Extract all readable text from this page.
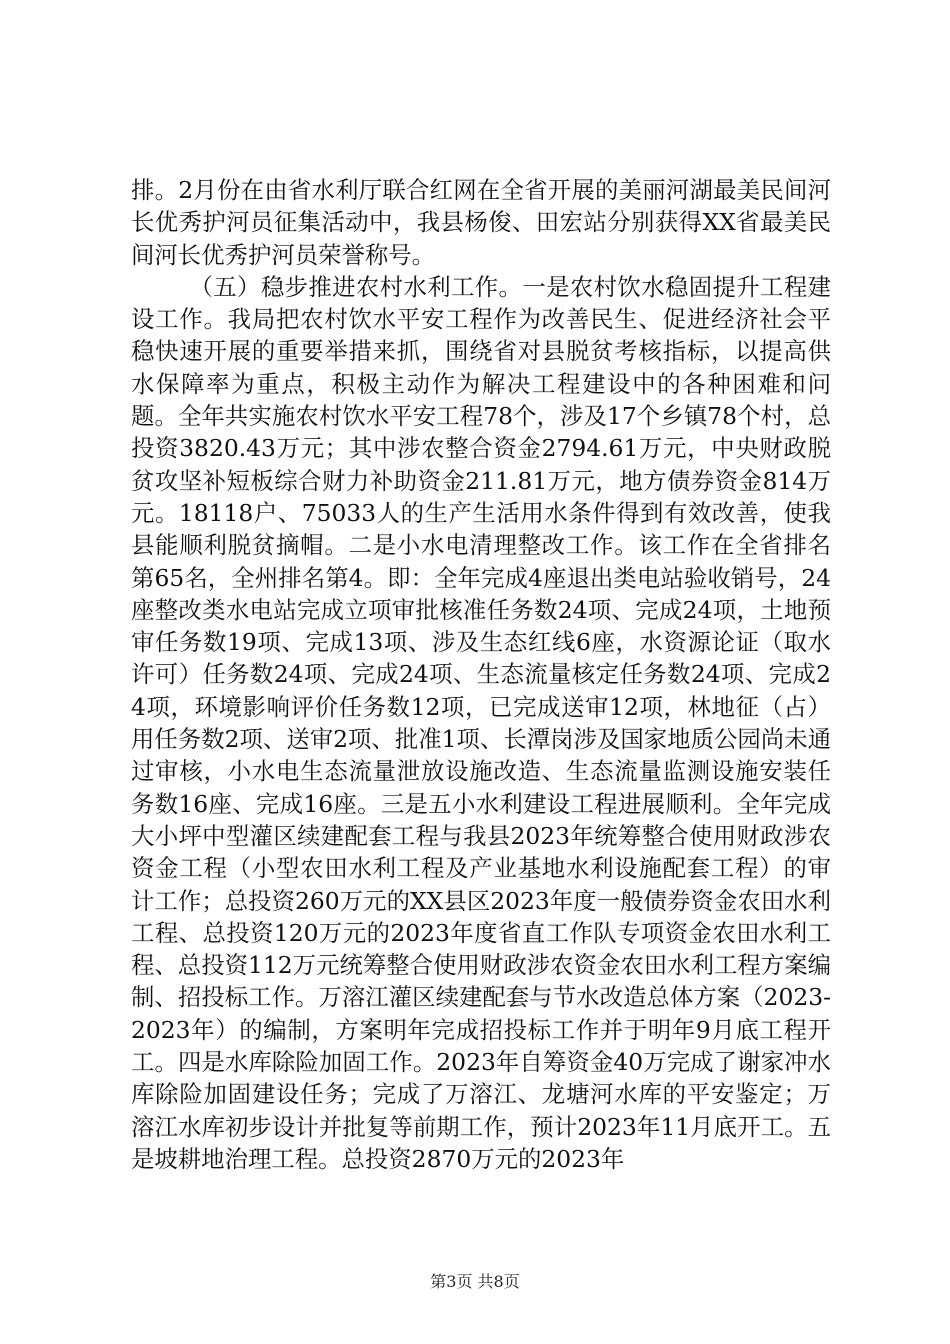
排。2月份在由省水利厅联合红网在全省开展的美丽河湖最美民间河长优秀护河员征集活动中，我县杨俊、田宏站分别获得XX省最美民间河长优秀护河员荣誉称号。

（五）稳步推进农村水利工作。一是农村饮水稳固提升工程建设工作。我局把农村饮水平安工程作为改善民生、促进经济社会平稳快速开展的重要举措来抓，围绕省对县脱贫考核指标，以提高供水保障率为重点，积极主动作为解决工程建设中的各种困难和问题。全年共实施农村饮水平安工程78个，涉及17个乡镇78个村，总投资3820.43万元；其中涉农整合资金2794.61万元，中央财政脱贫攻坚补短板综合财力补助资金211.81万元，地方债券资金814万元。18118户、75033人的生产生活用水条件得到有效改善，使我县能顺利脱贫摘帽。二是小水电清理整改工作。该工作在全省排名第65名，全州排名第4。即：全年完成4座退出类电站验收销号，24座整改类水电站完成立项审批核准任务数24项、完成24项，土地预审任务数19项、完成13项、涉及生态红线6座，水资源论证（取水许可）任务数24项、完成24项、生态流量核定任务数24项、完成24项，环境影响评价任务数12项，已完成送审12项，林地征（占）用任务数2项、送审2项、批准1项、长潭岗涉及国家地质公园尚未通过审核，小水电生态流量泄放设施改造、生态流量监测设施安装任务数16座、完成16座。三是五小水利建设工程进展顺利。全年完成大小坪中型灌区续建配套工程与我县2023年统筹整合使用财政涉农资金工程（小型农田水利工程及产业基地水利设施配套工程）的审计工作；总投资260万元的XX县区2023年度一般债券资金农田水利工程、总投资120万元的2023年度省直工作队专项资金农田水利工程、总投资112万元统筹整合使用财政涉农资金农田水利工程方案编制、招投标工作。万溶江灌区续建配套与节水改造总体方案（2023-2023年）的编制，方案明年完成招投标工作并于明年9月底工程开工。四是水库除险加固工作。2023年自筹资金40万完成了谢家冲水库除险加固建设任务；完成了万溶江、龙塘河水库的平安鉴定；万溶江水库初步设计并批复等前期工作，预计2023年11月底开工。五是坡耕地治理工程。总投资2870万元的2023年

第3页 共8页
